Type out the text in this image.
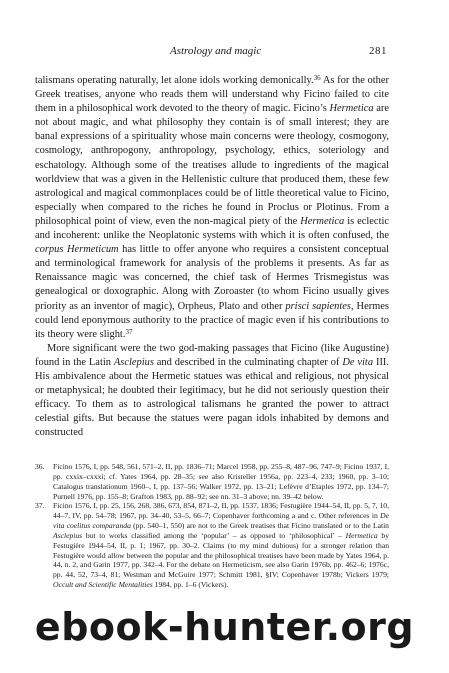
Astrology and magic	281

talismans operating naturally, let alone idols working demonically.$^{36}$ As for the other Greek treatises, anyone who reads them will understand why Ficino failed to cite them in a philosophical work devoted to the theory of magic. Ficino’s Hermetica are not about magic, and what philosophy they contain is of small interest; they are banal expressions of a spirituality whose main concerns were theology, cosmogony, cosmology, anthropogony, anthropology, psychology, ethics, soteriology and eschatology. Although some of the treatises allude to ingredients of the magical worldview that was a given in the Hellenistic culture that produced them, these few astrological and magical commonplaces could be of little theoretical value to Ficino, especially when compared to the riches he found in Proclus or Plotinus. From a philosophical point of view, even the non-magical piety of the Hermetica is eclectic and incoherent: unlike the Neoplatonic systems with which it is often confused, the corpus Hermeticum has little to offer anyone who requires a consistent conceptual and terminological framework for analysis of the problems it presents. As far as Renaissance magic was concerned, the chief task of Hermes Trismegistus was genealogical or doxographic. Along with Zoroaster (to whom Ficino usually gives priority as an inventor of magic), Orpheus, Plato and other prisci sapientes, Hermes could lend eponymous authority to the practice of magic even if his contributions to its theory were slight.$^{37}$

More significant were the two god-making passages that Ficino (like Augustine) found in the Latin Asclepius and described in the culminating chapter of De vita III. His ambivalence about the Hermetic statues was ethical and religious, not physical or metaphysical; he doubted their legitimacy, but he did not seriously question their efficacy. To them as to astrological talismans he granted the power to attract celestial gifts. But because the statues were pagan idols inhabited by demons and constructed

36. Ficino 1576, I, pp. 548, 561, 571–2, II, pp. 1836–71; Marcel 1958, pp. 255–8, 487–96, 747–9; Ficino 1937, I, pp. cxxix–cxxxi; cf. Yates 1964, pp. 28–35; see also Kristeller 1956a, pp. 223–4, 233; 1960, pp. 3–10; Catalogus translationum 1960–, I, pp. 137–56; Walker 1972, pp. 13–21; Lefèvre d’Etaples 1972, pp. 134–7; Purnell 1976, pp. 155–8; Grafton 1983, pp. 88–92; see nn. 31–3 above; nn. 39–42 below.

37. Ficino 1576, I, pp. 25, 156, 268, 386, 673, 854, 871–2, II, pp. 1537, 1836; Festugière 1944–54, II, pp. 5, 7, 10, 44–7, IV, pp. 54–78; 1967, pp. 34–40, 53–5, 66–7; Copenhaver forthcoming a and c. Other references in De vita coelitus comparanda (pp. 540–1, 550) are not to the Greek treatises that Ficino translated or to the Latin Asclepius but to works classified among the ‘popular’ – as opposed to ‘philosophical’ – Hermetica by Festugière 1944–54, II, p. 1; 1967, pp. 30–2. Claims (to my mind dubious) for a stronger relation than Festugière would allow between the popular and the philosophical treatises have been made by Yates 1964, p. 44, n. 2, and Garin 1977, pp. 342–4. For the debate on Hermeticism, see also Garin 1976b, pp. 462–6; 1976c, pp. 44, 52, 73–4, 81; Westman and McGuire 1977; Schmitt 1981, §IV; Copenhaver 1978b; Vickers 1979; Occult and Scientific Mentalities 1984, pp. 1–6 (Vickers).

ebook-hunter.org
